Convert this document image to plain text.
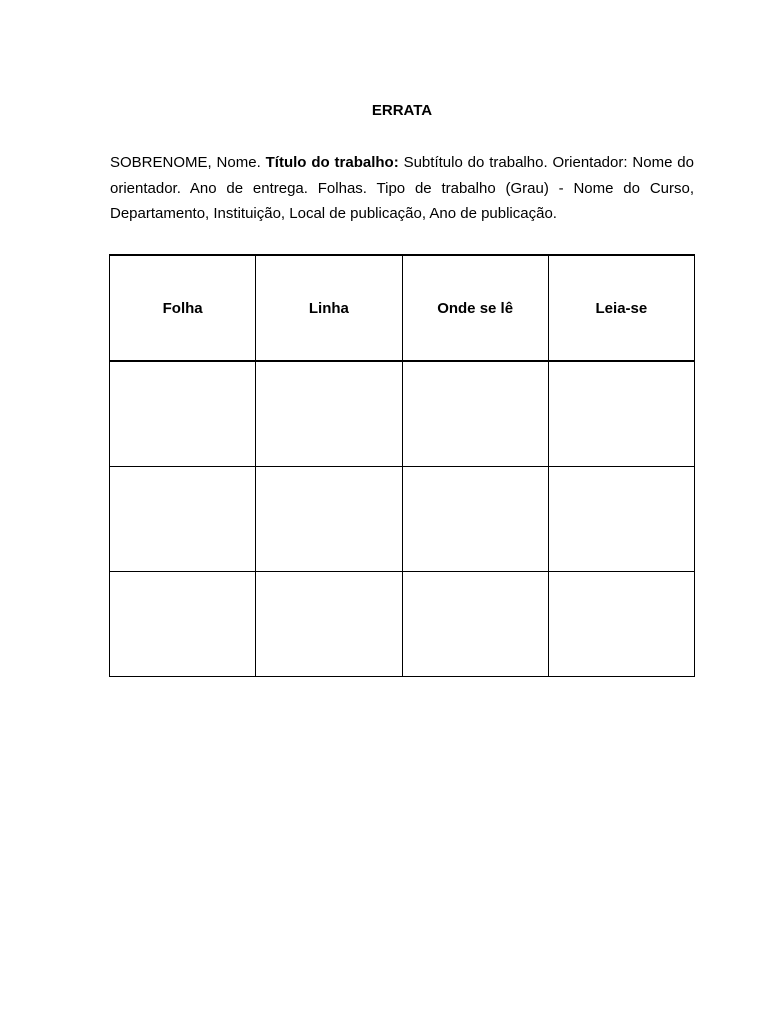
ERRATA

SOBRENOME, Nome. Título do trabalho: Subtítulo do trabalho. Orientador: Nome do orientador. Ano de entrega. Folhas. Tipo de trabalho (Grau) - Nome do Curso, Departamento, Instituição, Local de publicação, Ano de publicação.

Folha	Linha	Onde se lê	Leia-se
